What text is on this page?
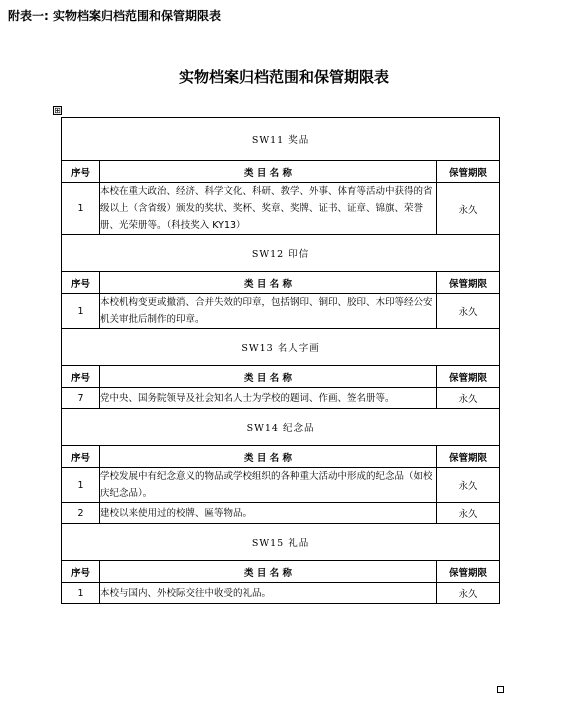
附表一: 实物档案归档范围和保管期限表
实物档案归档范围和保管期限表
⊞
SW11 奖品		
序号	类 目 名 称	保管期限
1	本校在重大政治、经济、科学文化、科研、教学、外事、体育等活动中获得的省级以上（含省级）颁发的奖状、奖杯、奖章、奖牌、证书、证章、锦旗、荣誉册、光荣册等。（科技奖入 KY13）	永久
SW12 印信		
序号	类 目 名 称	保管期限
1	本校机构变更或撤消、合并失效的印章，包括钢印、铜印、胶印、木印等经公安机关审批后制作的印章。	永久
SW13 名人字画		
序号	类 目 名 称	保管期限
7	党中央、国务院领导及社会知名人士为学校的题词、作画、签名册等。	永久
SW14 纪念品		
序号	类 目 名 称	保管期限
1	学校发展中有纪念意义的物品或学校组织的各种重大活动中形成的纪念品（如校庆纪念品）。	永久
2	建校以来使用过的校牌、匾等物品。	永久
SW15 礼品		
序号	类 目 名 称	保管期限
1	本校与国内、外校际交往中收受的礼品。	永久
